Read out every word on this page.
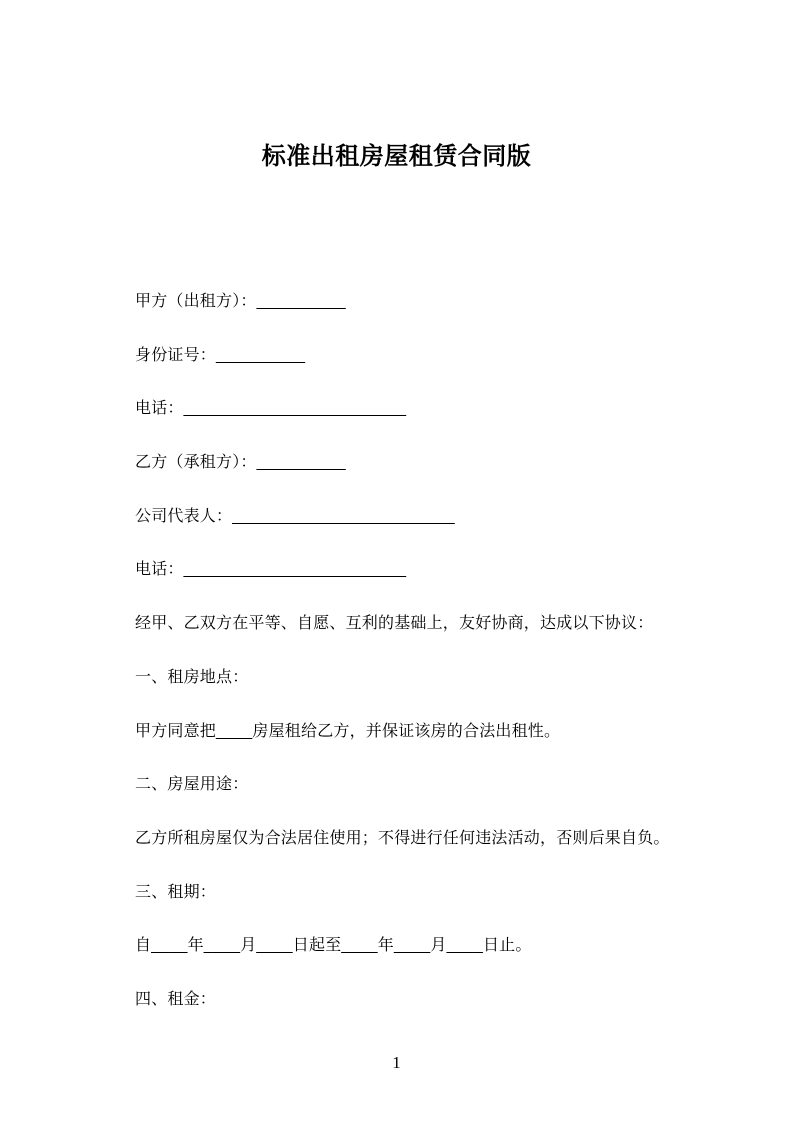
标准出租房屋租赁合同版

甲方（出租方）：__________

身份证号：__________

电话：_________________________

乙方（承租方）：__________

公司代表人：_________________________

电话：_________________________

经甲、乙双方在平等、自愿、互利的基础上，友好协商，达成以下协议：

一、租房地点：

甲方同意把____房屋租给乙方，并保证该房的合法出租性。

二、房屋用途：

乙方所租房屋仅为合法居住使用；不得进行任何违法活动，否则后果自负。

三、租期：

自____年____月____日起至____年____月____日止。

四、租金：

1
